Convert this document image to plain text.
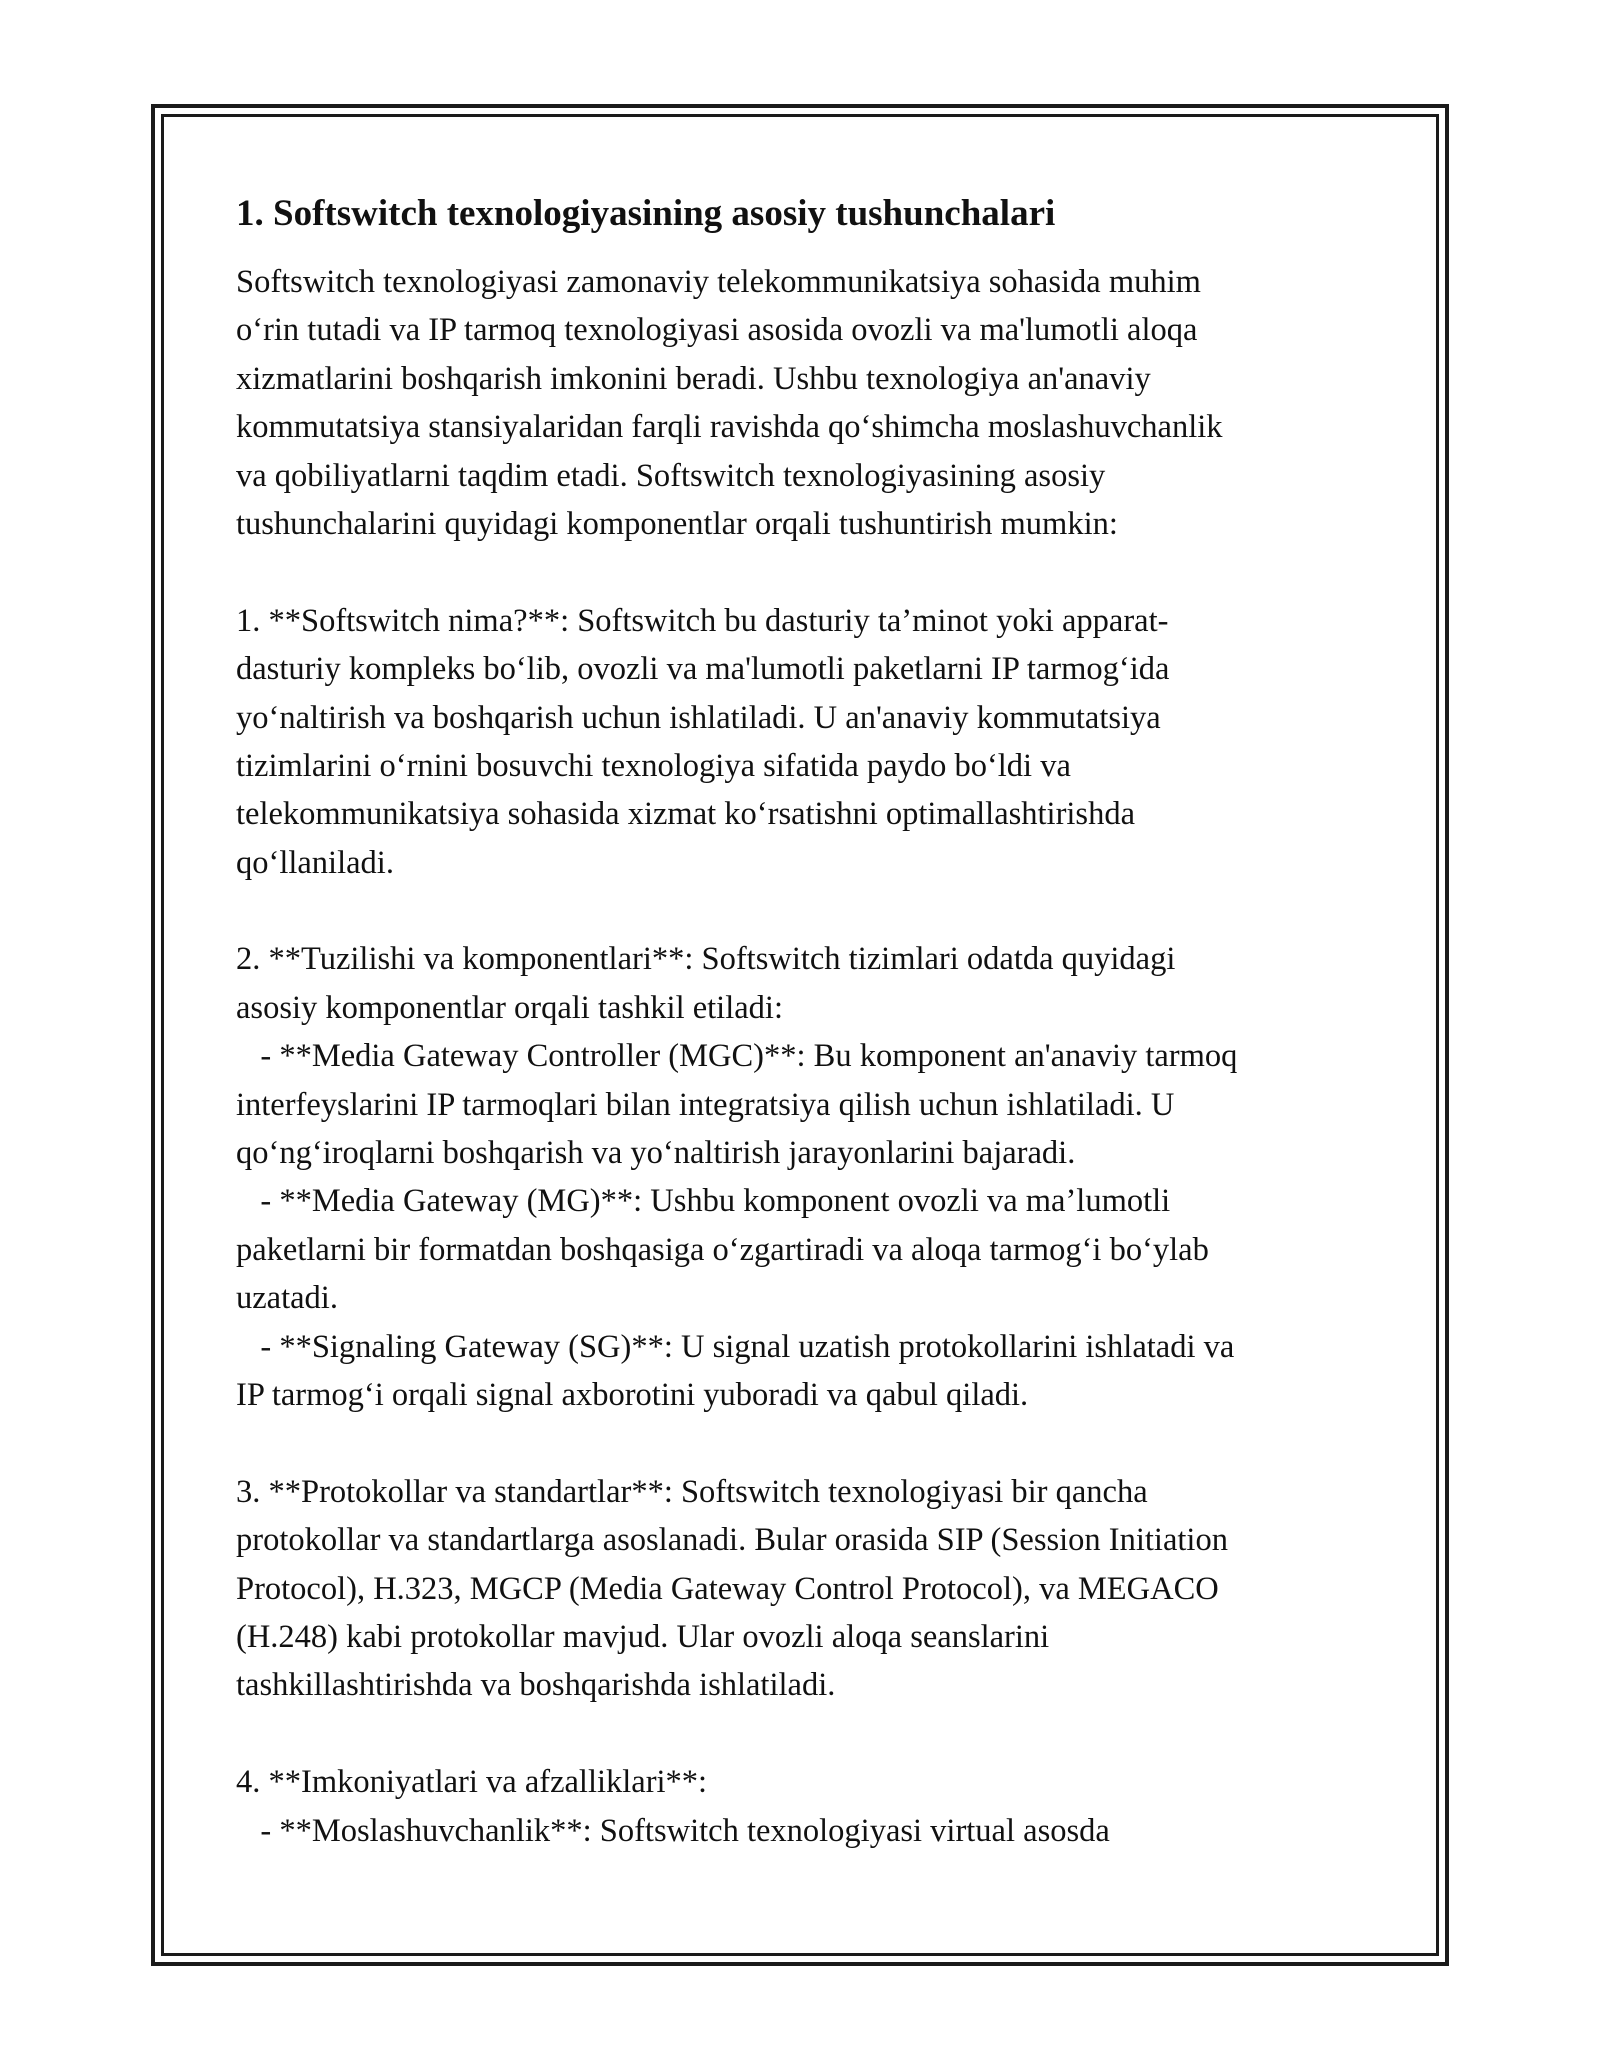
1. Softswitch texnologiyasining asosiy tushunchalari

Softswitch texnologiyasi zamonaviy telekommunikatsiya sohasida muhim

o‘rin tutadi va IP tarmoq texnologiyasi asosida ovozli va ma'lumotli aloqa

xizmatlarini boshqarish imkonini beradi. Ushbu texnologiya an'anaviy

kommutatsiya stansiyalaridan farqli ravishda qo‘shimcha moslashuvchanlik

va qobiliyatlarni taqdim etadi. Softswitch texnologiyasining asosiy

tushunchalarini quyidagi komponentlar orqali tushuntirish mumkin:

1. **Softswitch nima?**: Softswitch bu dasturiy ta’minot yoki apparat-

dasturiy kompleks bo‘lib, ovozli va ma'lumotli paketlarni IP tarmog‘ida

yo‘naltirish va boshqarish uchun ishlatiladi. U an'anaviy kommutatsiya

tizimlarini o‘rnini bosuvchi texnologiya sifatida paydo bo‘ldi va

telekommunikatsiya sohasida xizmat ko‘rsatishni optimallashtirishda

qo‘llaniladi.

2. **Tuzilishi va komponentlari**: Softswitch tizimlari odatda quyidagi

asosiy komponentlar orqali tashkil etiladi:

- **Media Gateway Controller (MGC)**: Bu komponent an'anaviy tarmoq

interfeyslarini IP tarmoqlari bilan integratsiya qilish uchun ishlatiladi. U

qo‘ng‘iroqlarni boshqarish va yo‘naltirish jarayonlarini bajaradi.

- **Media Gateway (MG)**: Ushbu komponent ovozli va ma’lumotli

paketlarni bir formatdan boshqasiga o‘zgartiradi va aloqa tarmog‘i bo‘ylab

uzatadi.

- **Signaling Gateway (SG)**: U signal uzatish protokollarini ishlatadi va

IP tarmog‘i orqali signal axborotini yuboradi va qabul qiladi.

3. **Protokollar va standartlar**: Softswitch texnologiyasi bir qancha

protokollar va standartlarga asoslanadi. Bular orasida SIP (Session Initiation

Protocol), H.323, MGCP (Media Gateway Control Protocol), va MEGACO

(H.248) kabi protokollar mavjud. Ular ovozli aloqa seanslarini

tashkillashtirishda va boshqarishda ishlatiladi.

4. **Imkoniyatlari va afzalliklari**:

- **Moslashuvchanlik**: Softswitch texnologiyasi virtual asosda
